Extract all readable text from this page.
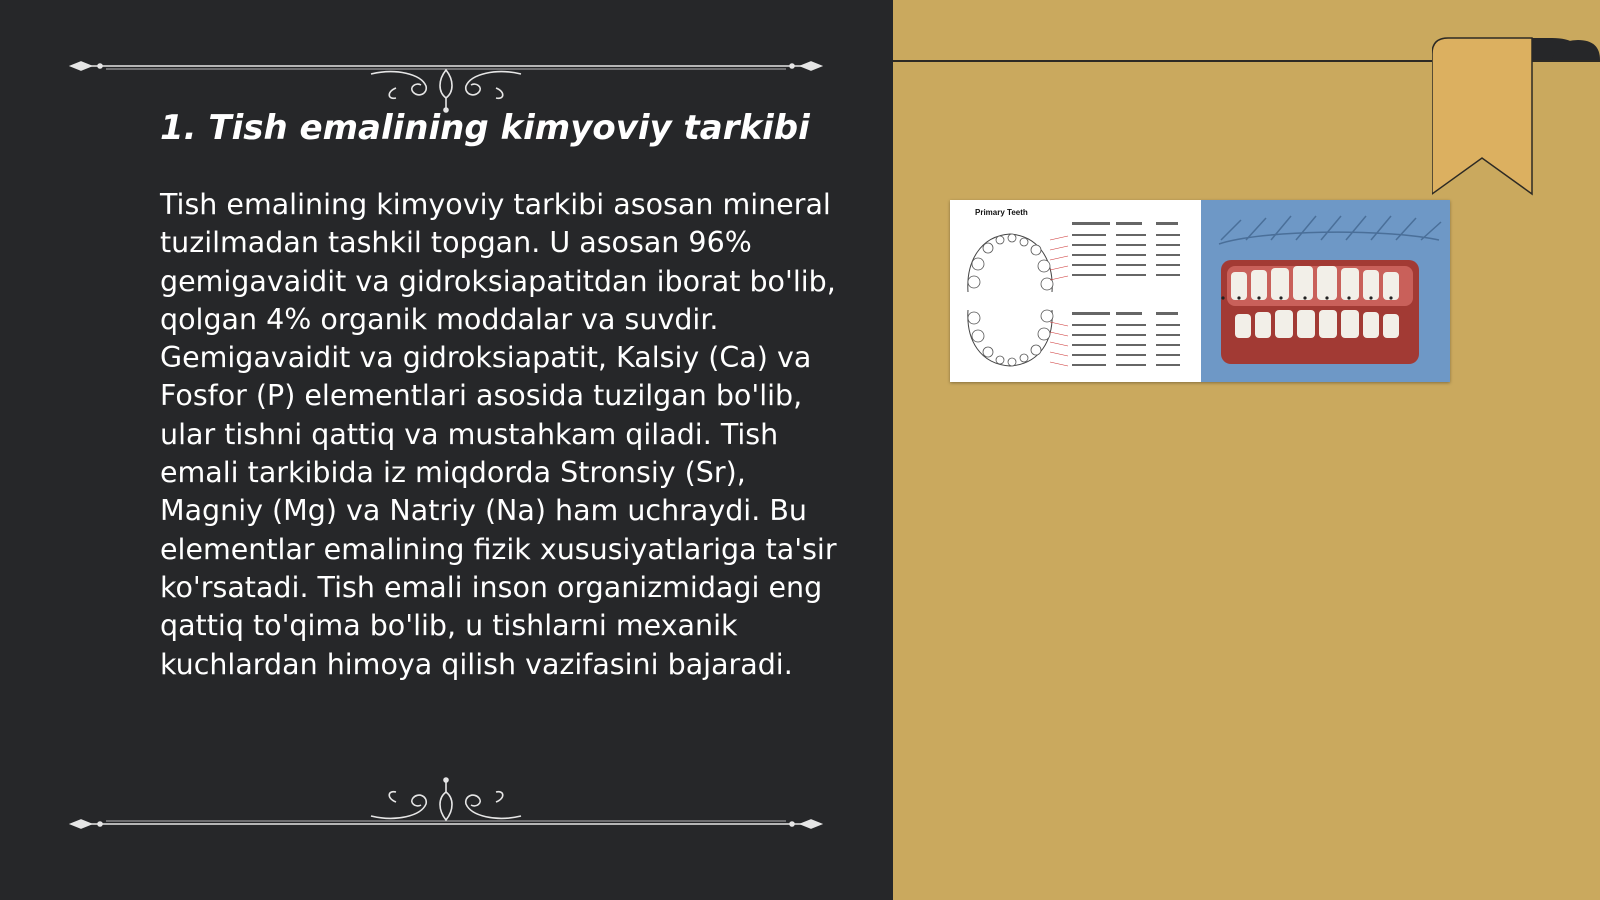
1. Tish emalining kimyoviy tarkibi

Tish emalining kimyoviy tarkibi asosan mineral tuzilmadan tashkil topgan. U asosan 96% gemigavaidit va gidroksiapatitdan iborat bo'lib, qolgan 4% organik moddalar va suvdir. Gemigavaidit va gidroksiapatit, Kalsiy (Ca) va Fosfor (P) elementlari asosida tuzilgan bo'lib, ular tishni qattiq va mustahkam qiladi. Tish emali tarkibida iz miqdorda Stronsiy (Sr), Magniy (Mg) va Natriy (Na) ham uchraydi. Bu elementlar emalining fizik xususiyatlariga ta'sir ko'rsatadi. Tish emali inson organizmidagi eng qattiq to'qima bo'lib, u tishlarni mexanik kuchlardan himoya qilish vazifasini bajaradi.

Primary Teeth
